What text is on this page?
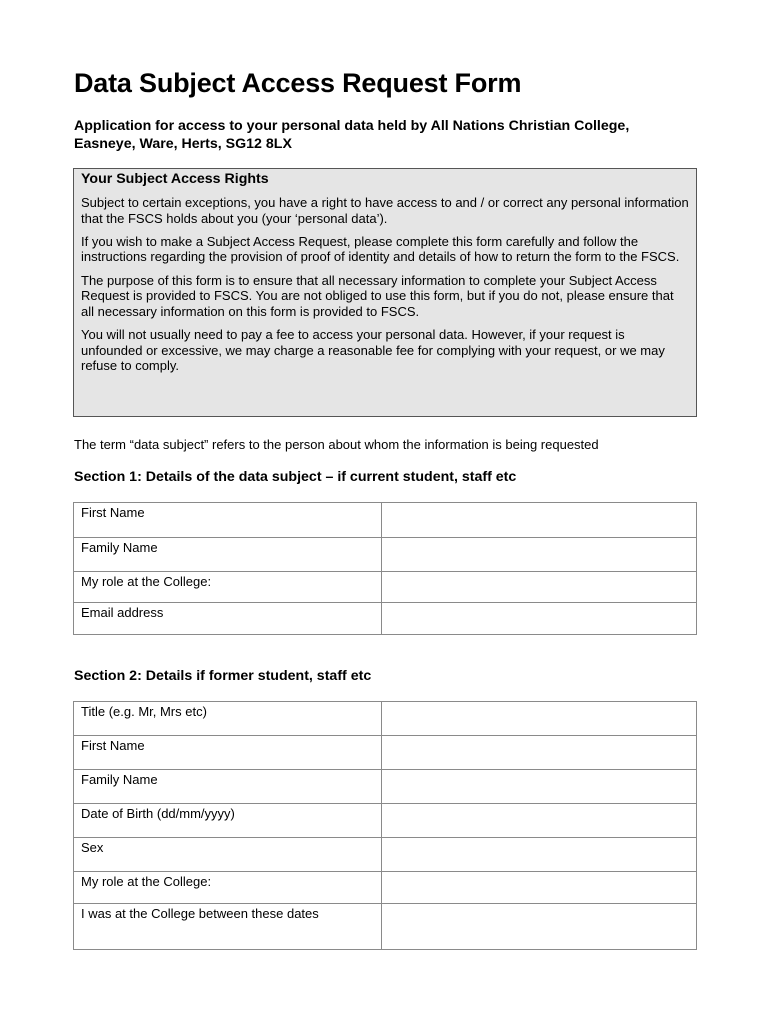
Data Subject Access Request Form
Application for access to your personal data held by All Nations Christian College,
Easneye, Ware, Herts, SG12 8LX
Your Subject Access Rights

Subject to certain exceptions, you have a right to have access to and / or correct any personal information that the FSCS holds about you (your ‘personal data’).

If you wish to make a Subject Access Request, please complete this form carefully and follow the instructions regarding the provision of proof of identity and details of how to return the form to the FSCS.

The purpose of this form is to ensure that all necessary information to complete your Subject Access Request is provided to FSCS. You are not obliged to use this form, but if you do not, please ensure that all necessary information on this form is provided to FSCS.

You will not usually need to pay a fee to access your personal data. However, if your request is unfounded or excessive, we may charge a reasonable fee for complying with your request, or we may refuse to comply.

The term “data subject” refers to the person about whom the information is being requested
Section 1: Details of the data subject – if current student, staff etc
First Name	
Family Name	
My role at the College:	
Email address	
Section 2: Details if former student, staff etc
Title (e.g. Mr, Mrs etc)	
First Name	
Family Name	
Date of Birth (dd/mm/yyyy)	
Sex	
My role at the College:	
I was at the College between these dates	
